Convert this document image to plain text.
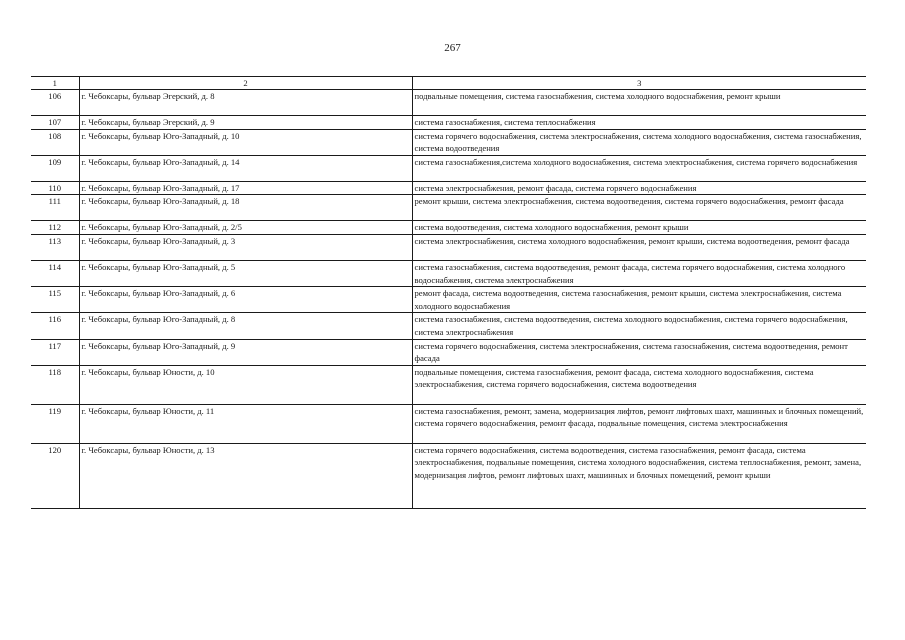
267
1	2	3
106	г. Чебоксары, бульвар Эгерский, д. 8	подвальные помещения, система газоснабжения, система холодного водоснабжения, ремонт крыши
107	г. Чебоксары, бульвар Эгерский, д. 9	система газоснабжения, система теплоснабжения
108	г. Чебоксары, бульвар Юго-Западный, д. 10	система горячего водоснабжения, система электроснабжения, система холодного водоснабжения, система газоснабжения, система водоотведения
109	г. Чебоксары, бульвар Юго-Западный, д. 14	система газоснабжения,система холодного водоснабжения, система электроснабжения, система горячего водоснабжения
110	г. Чебоксары, бульвар Юго-Западный, д. 17	система электроснабжения, ремонт фасада, система горячего водоснабжения
111	г. Чебоксары, бульвар Юго-Западный, д. 18	ремонт крыши, система электроснабжения, система водоотведения, система горячего водоснабжения, ремонт фасада
112	г. Чебоксары, бульвар Юго-Западный, д. 2/5	система водоотведения, система холодного водоснабжения, ремонт крыши
113	г. Чебоксары, бульвар Юго-Западный, д. 3	система электроснабжения, система холодного водоснабжения, ремонт крыши, система водоотведения, ремонт фасада
114	г. Чебоксары, бульвар Юго-Западный, д. 5	система газоснабжения, система водоотведения, ремонт фасада, система горячего водоснабжения, система холодного водоснабжения, система электроснабжения
115	г. Чебоксары, бульвар Юго-Западный, д. 6	ремонт фасада, система водоотведения, система газоснабжения, ремонт крыши, система электроснабжения, система холодного водоснабжения
116	г. Чебоксары, бульвар Юго-Западный, д. 8	система газоснабжения, система водоотведения, система холодного водоснабжения, система горячего водоснабжения, система электроснабжения
117	г. Чебоксары, бульвар Юго-Западный, д. 9	система горячего водоснабжения, система электроснабжения, система газоснабжения, система водоотведения, ремонт фасада
118	г. Чебоксары, бульвар Юности, д. 10	подвальные помещения, система газоснабжения, ремонт фасада, система холодного водоснабжения, система электроснабжения, система горячего водоснабжения, система водоотведения
119	г. Чебоксары, бульвар Юности, д. 11	система газоснабжения, ремонт, замена, модернизация лифтов, ремонт лифтовых шахт, машинных и блочных помещений, система горячего водоснабжения, ремонт фасада, подвальные помещения, система электроснабжения
120	г. Чебоксары, бульвар Юности, д. 13	система горячего водоснабжения, система водоотведения, система газоснабжения, ремонт фасада, система электроснабжения, подвальные помещения, система холодного водоснабжения, система теплоснабжения, ремонт, замена, модернизация лифтов, ремонт лифтовых шахт, машинных и блочных помещений, ремонт крыши
